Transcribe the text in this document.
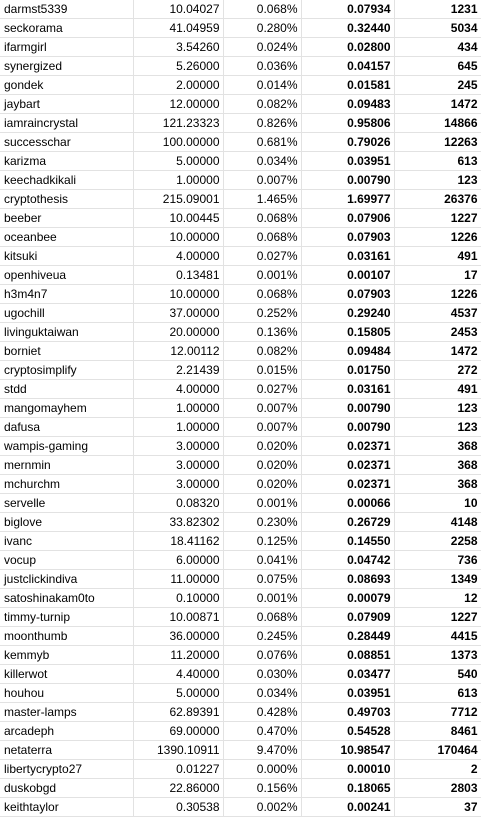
darmst5339	10.04027	0.068%	0.07934	1231
seckorama	41.04959	0.280%	0.32440	5034
ifarmgirl	3.54260	0.024%	0.02800	434
synergized	5.26000	0.036%	0.04157	645
gondek	2.00000	0.014%	0.01581	245
jaybart	12.00000	0.082%	0.09483	1472
iamraincrystal	121.23323	0.826%	0.95806	14866
successchar	100.00000	0.681%	0.79026	12263
karizma	5.00000	0.034%	0.03951	613
keechadkikali	1.00000	0.007%	0.00790	123
cryptothesis	215.09001	1.465%	1.69977	26376
beeber	10.00445	0.068%	0.07906	1227
oceanbee	10.00000	0.068%	0.07903	1226
kitsuki	4.00000	0.027%	0.03161	491
openhiveua	0.13481	0.001%	0.00107	17
h3m4n7	10.00000	0.068%	0.07903	1226
ugochill	37.00000	0.252%	0.29240	4537
livinguktaiwan	20.00000	0.136%	0.15805	2453
borniet	12.00112	0.082%	0.09484	1472
cryptosimplify	2.21439	0.015%	0.01750	272
stdd	4.00000	0.027%	0.03161	491
mangomayhem	1.00000	0.007%	0.00790	123
dafusa	1.00000	0.007%	0.00790	123
wampis-gaming	3.00000	0.020%	0.02371	368
mernmin	3.00000	0.020%	0.02371	368
mchurchm	3.00000	0.020%	0.02371	368
servelle	0.08320	0.001%	0.00066	10
biglove	33.82302	0.230%	0.26729	4148
ivanc	18.41162	0.125%	0.14550	2258
vocup	6.00000	0.041%	0.04742	736
justclickindiva	11.00000	0.075%	0.08693	1349
satoshinakam0to	0.10000	0.001%	0.00079	12
timmy-turnip	10.00871	0.068%	0.07909	1227
moonthumb	36.00000	0.245%	0.28449	4415
kemmyb	11.20000	0.076%	0.08851	1373
killerwot	4.40000	0.030%	0.03477	540
houhou	5.00000	0.034%	0.03951	613
master-lamps	62.89391	0.428%	0.49703	7712
arcadeph	69.00000	0.470%	0.54528	8461
netaterra	1390.10911	9.470%	10.98547	170464
libertycrypto27	0.01227	0.000%	0.00010	2
duskobgd	22.86000	0.156%	0.18065	2803
keithtaylor	0.30538	0.002%	0.00241	37
